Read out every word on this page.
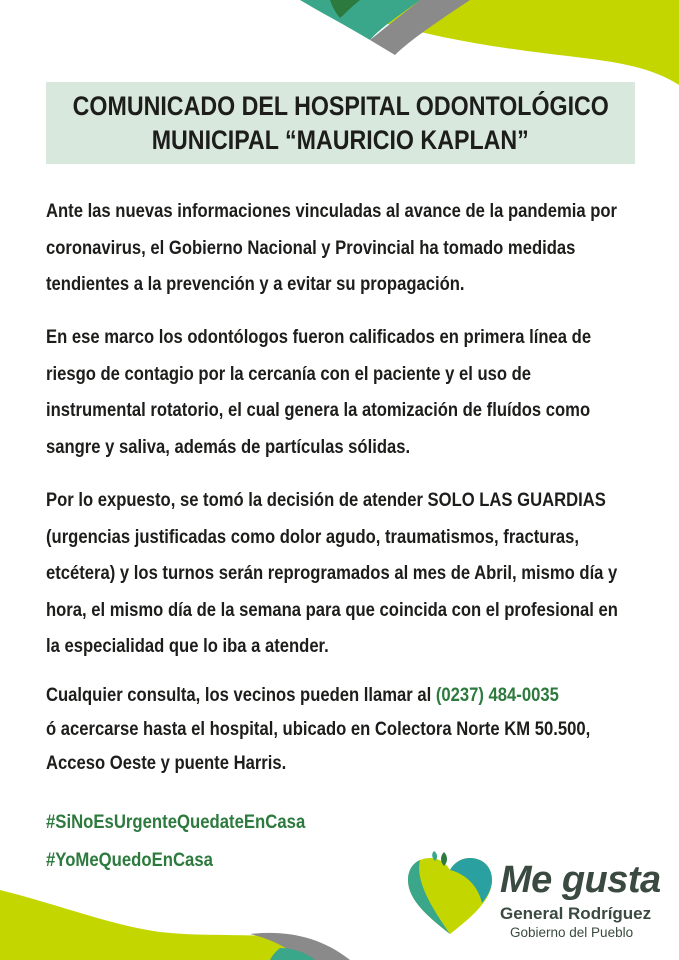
COMUNICADO DEL HOSPITAL ODONTOLÓGICO
MUNICIPAL “MAURICIO KAPLAN”
Ante las nuevas informaciones vinculadas al avance de la pandemia por
coronavirus, el Gobierno Nacional y Provincial ha tomado medidas
tendientes a la prevención y a evitar su propagación.
En ese marco los odontólogos fueron calificados en primera línea de
riesgo de contagio por la cercanía con el paciente y el uso de
instrumental rotatorio, el cual genera la atomización de fluídos como
sangre y saliva, además de partículas sólidas.
Por lo expuesto, se tomó la decisión de atender SOLO LAS GUARDIAS
(urgencias justificadas como dolor agudo, traumatismos, fracturas,
etcétera) y los turnos serán reprogramados al mes de Abril, mismo día y
hora, el mismo día de la semana para que coincida con el profesional en
la especialidad que lo iba a atender.
Cualquier consulta, los vecinos pueden llamar al (0237) 484-0035
ó acercarse hasta el hospital, ubicado en Colectora Norte KM 50.500,
Acceso Oeste y puente Harris.
#SiNoEsUrgenteQuedateEnCasa
#YoMeQuedoEnCasa	Me gusta
General Rodríguez
Gobierno del Pueblo
